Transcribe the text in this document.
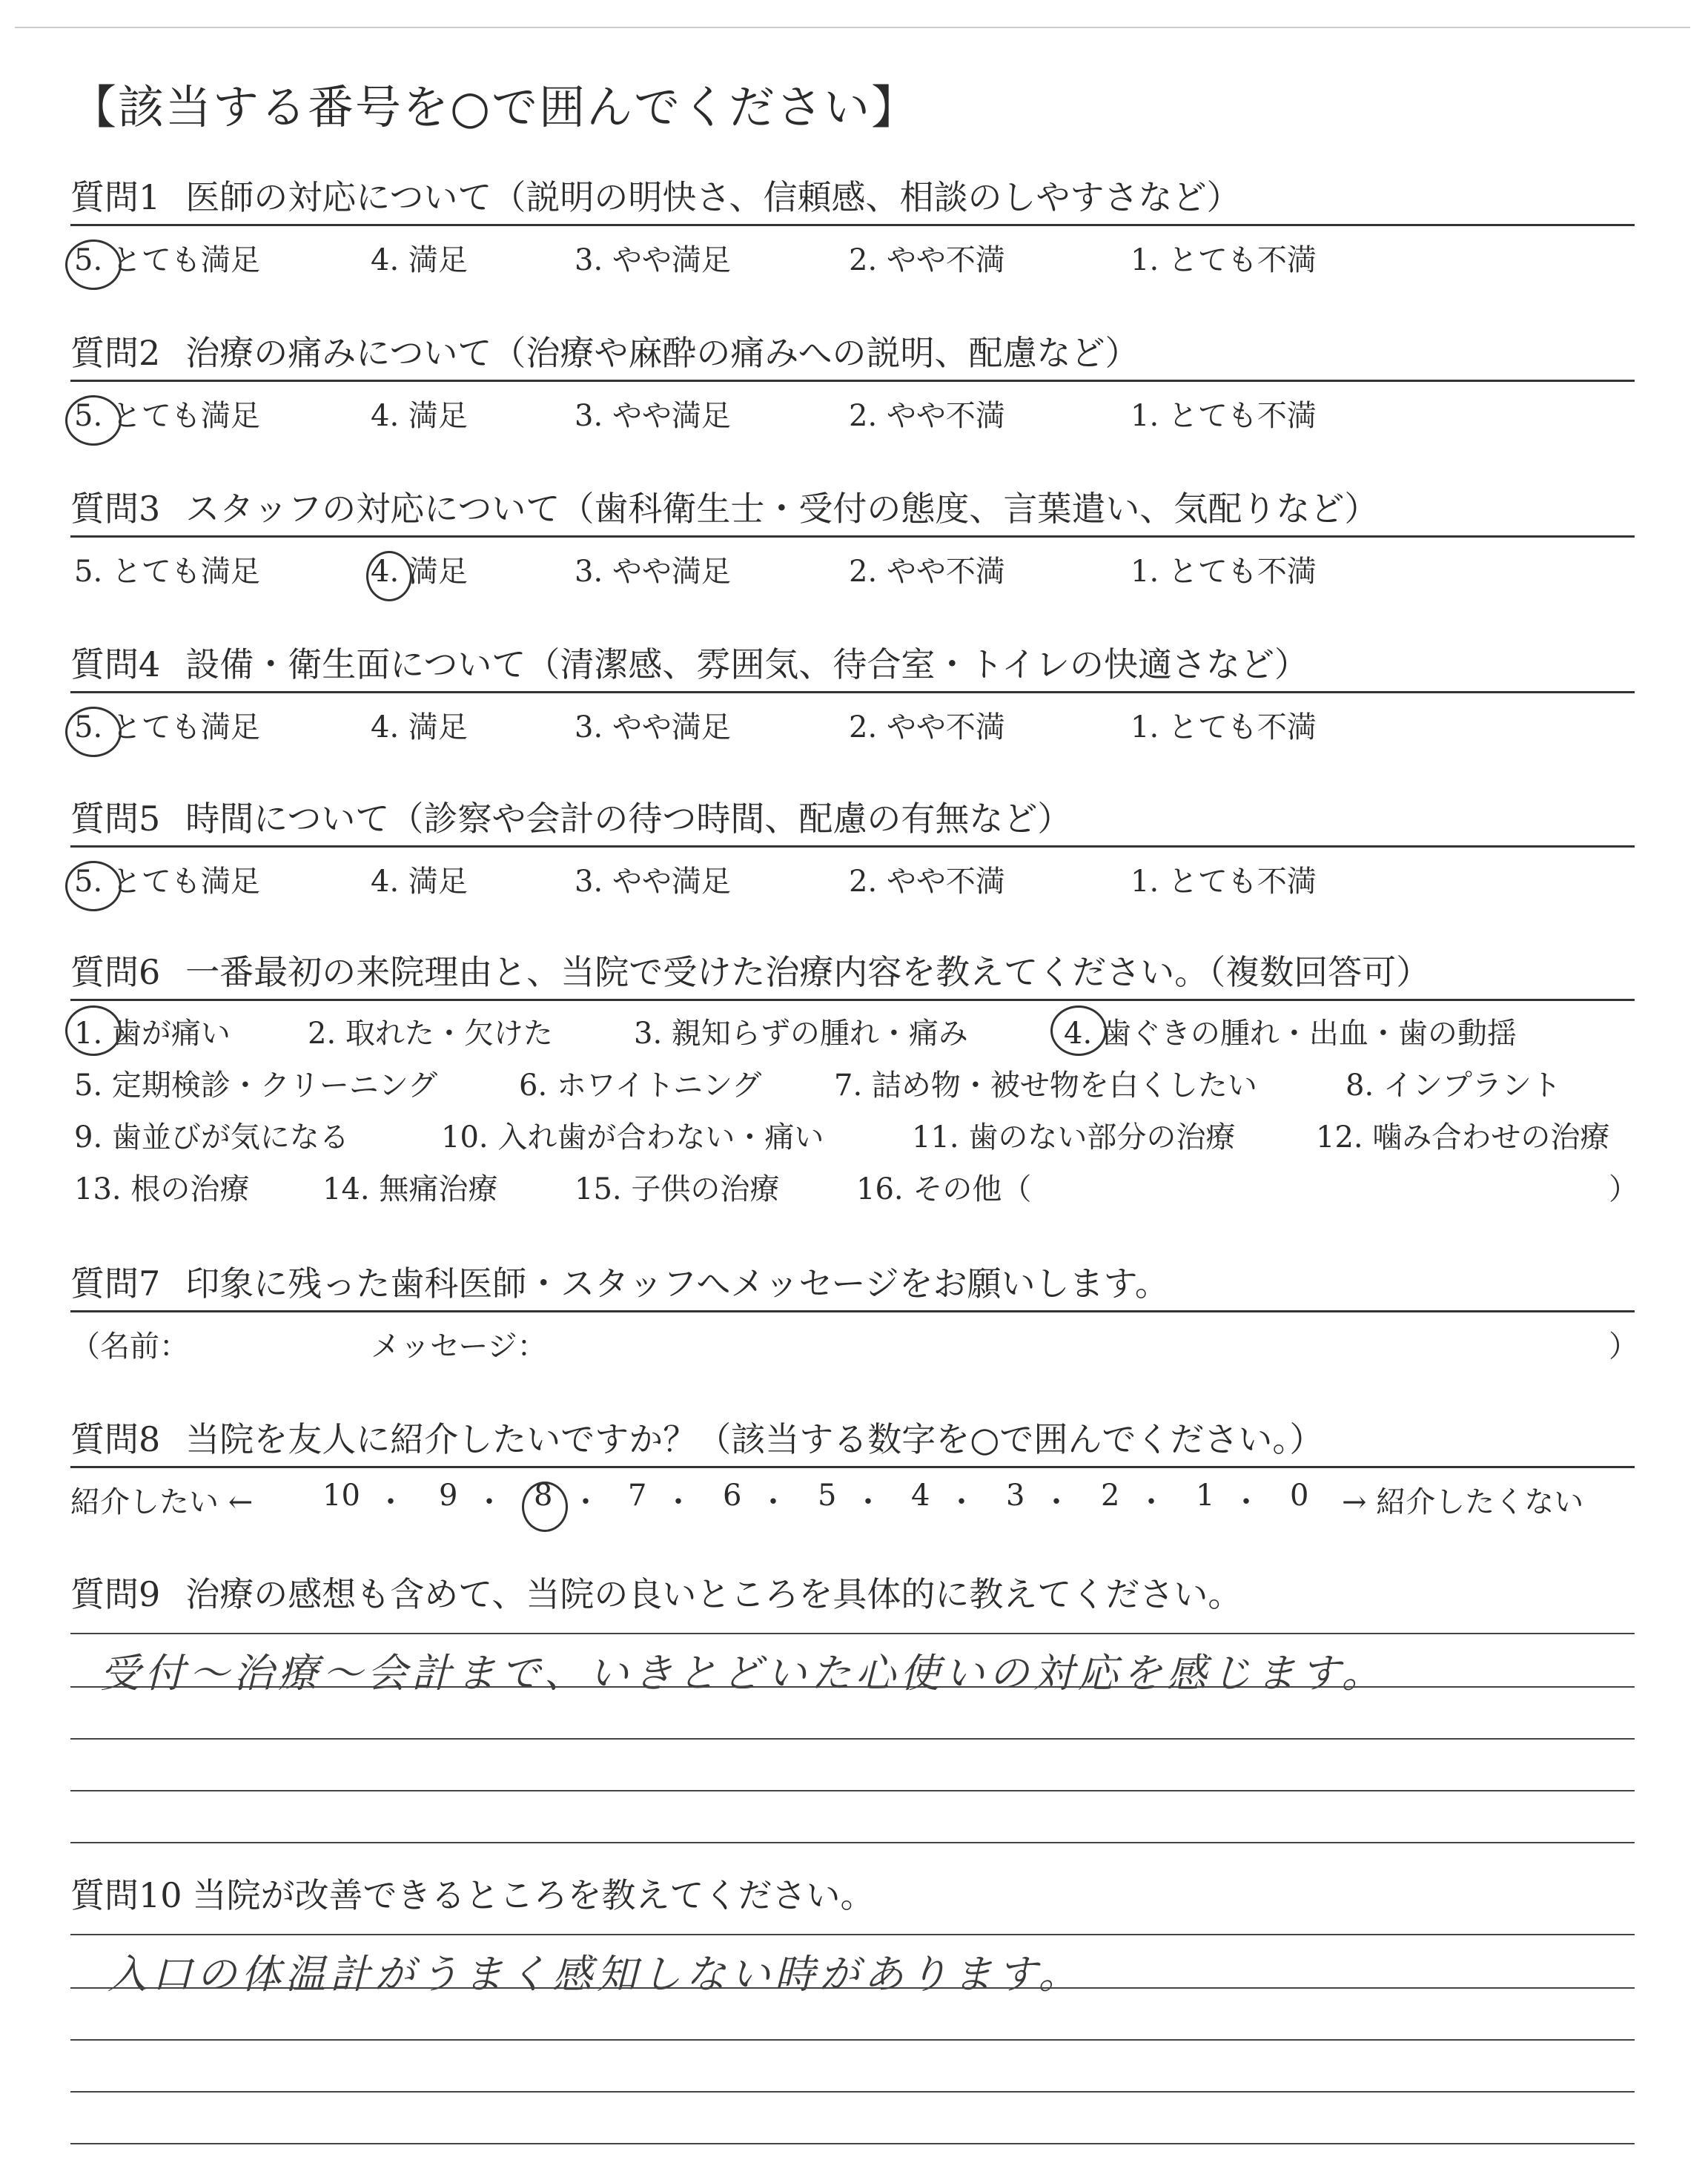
【該当する番号を○で囲んでください】
質問1 医師の対応について（説明の明快さ、信頼感、相談のしやすさなど）
5. とても満足	4. 満足	3. やや満足	2. やや不満	1. とても不満
質問2 治療の痛みについて（治療や麻酔の痛みへの説明、配慮など）
5. とても満足	4. 満足	3. やや満足	2. やや不満	1. とても不満
質問3 スタッフの対応について（歯科衛生士・受付の態度、言葉遣い、気配りなど）
5. とても満足	4. 満足	3. やや満足	2. やや不満	1. とても不満
質問4 設備・衛生面について（清潔感、雰囲気、待合室・トイレの快適さなど）
5. とても満足	4. 満足	3. やや満足	2. やや不満	1. とても不満
質問5 時間について（診察や会計の待つ時間、配慮の有無など）
5. とても満足	4. 満足	3. やや満足	2. やや不満	1. とても不満
質問6 一番最初の来院理由と、当院で受けた治療内容を教えてください。（複数回答可）
1. 歯が痛い	2. 取れた・欠けた	3. 親知らずの腫れ・痛み	4. 歯ぐきの腫れ・出血・歯の動揺
5. 定期検診・クリーニング	6. ホワイトニング 7. 詰め物・被せ物を白くしたい	8. インプラント
9. 歯並びが気になる	10. 入れ歯が合わない・痛い	11. 歯のない部分の治療	12. 噛み合わせの治療
13. 根の治療 14. 無痛治療	15. 子供の治療	16. その他（	）
質問7 印象に残った歯科医師・スタッフへメッセージをお願いします。
（名前：	メッセージ：	）
質問8 当院を友人に紹介したいですか？（該当する数字を○で囲んでください。）
紹介したい ← 10 ・ 9 ・ 8 ・ 7 ・ 6 ・ 5 ・ 4 ・ 3 ・ 2 ・ 1 ・ 0 → 紹介したくない
質問9 治療の感想も含めて、当院の良いところを具体的に教えてください。
受付〜治療〜会計まで、いきとどいた心使いの対応を感じます。
質問10 当院が改善できるところを教えてください。
入口の体温計がうまく感知しない時があります。
